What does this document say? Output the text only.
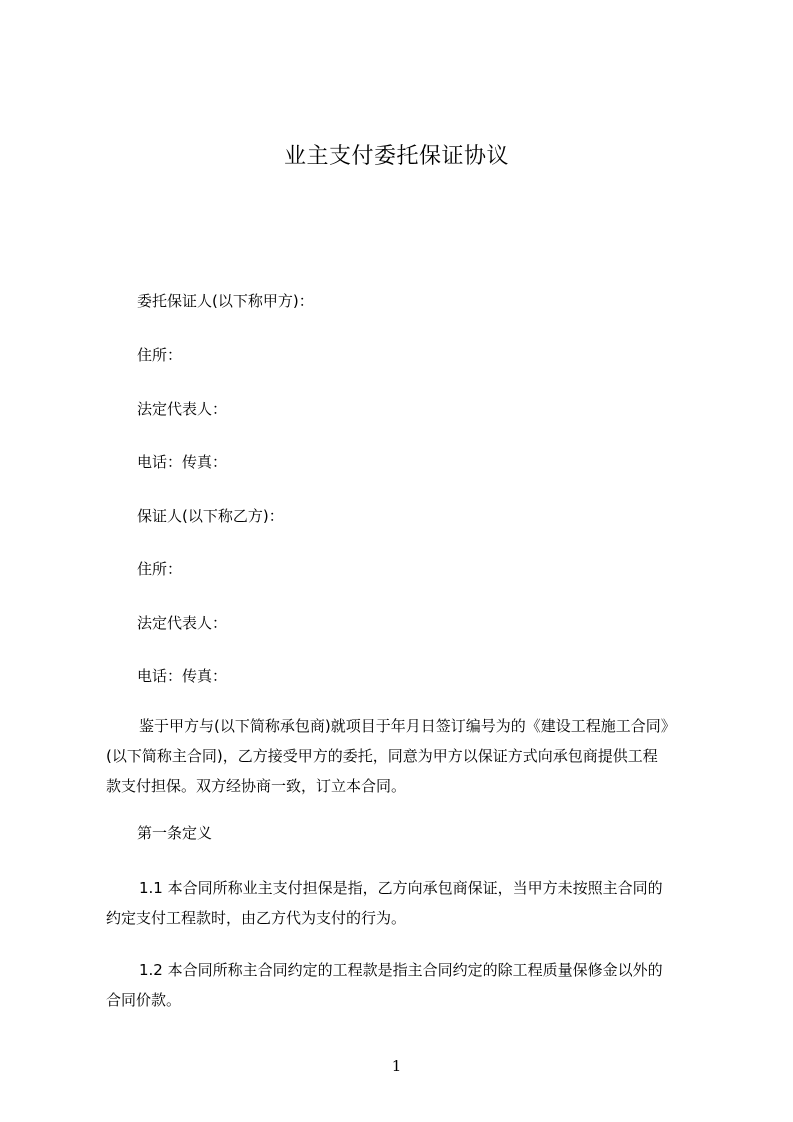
业主支付委托保证协议
委托保证人(以下称甲方)：
住所：
法定代表人：
电话：传真：
保证人(以下称乙方)：
住所：
法定代表人：
电话：传真：
鉴于甲方与(以下简称承包商)就项目于年月日签订编号为的《建设工程施工合同》
(以下简称主合同)，乙方接受甲方的委托，同意为甲方以保证方式向承包商提供工程
款支付担保。双方经协商一致，订立本合同。
第一条定义
1.1 本合同所称业主支付担保是指，乙方向承包商保证，当甲方未按照主合同的
约定支付工程款时，由乙方代为支付的行为。
1.2 本合同所称主合同约定的工程款是指主合同约定的除工程质量保修金以外的
合同价款。
1
